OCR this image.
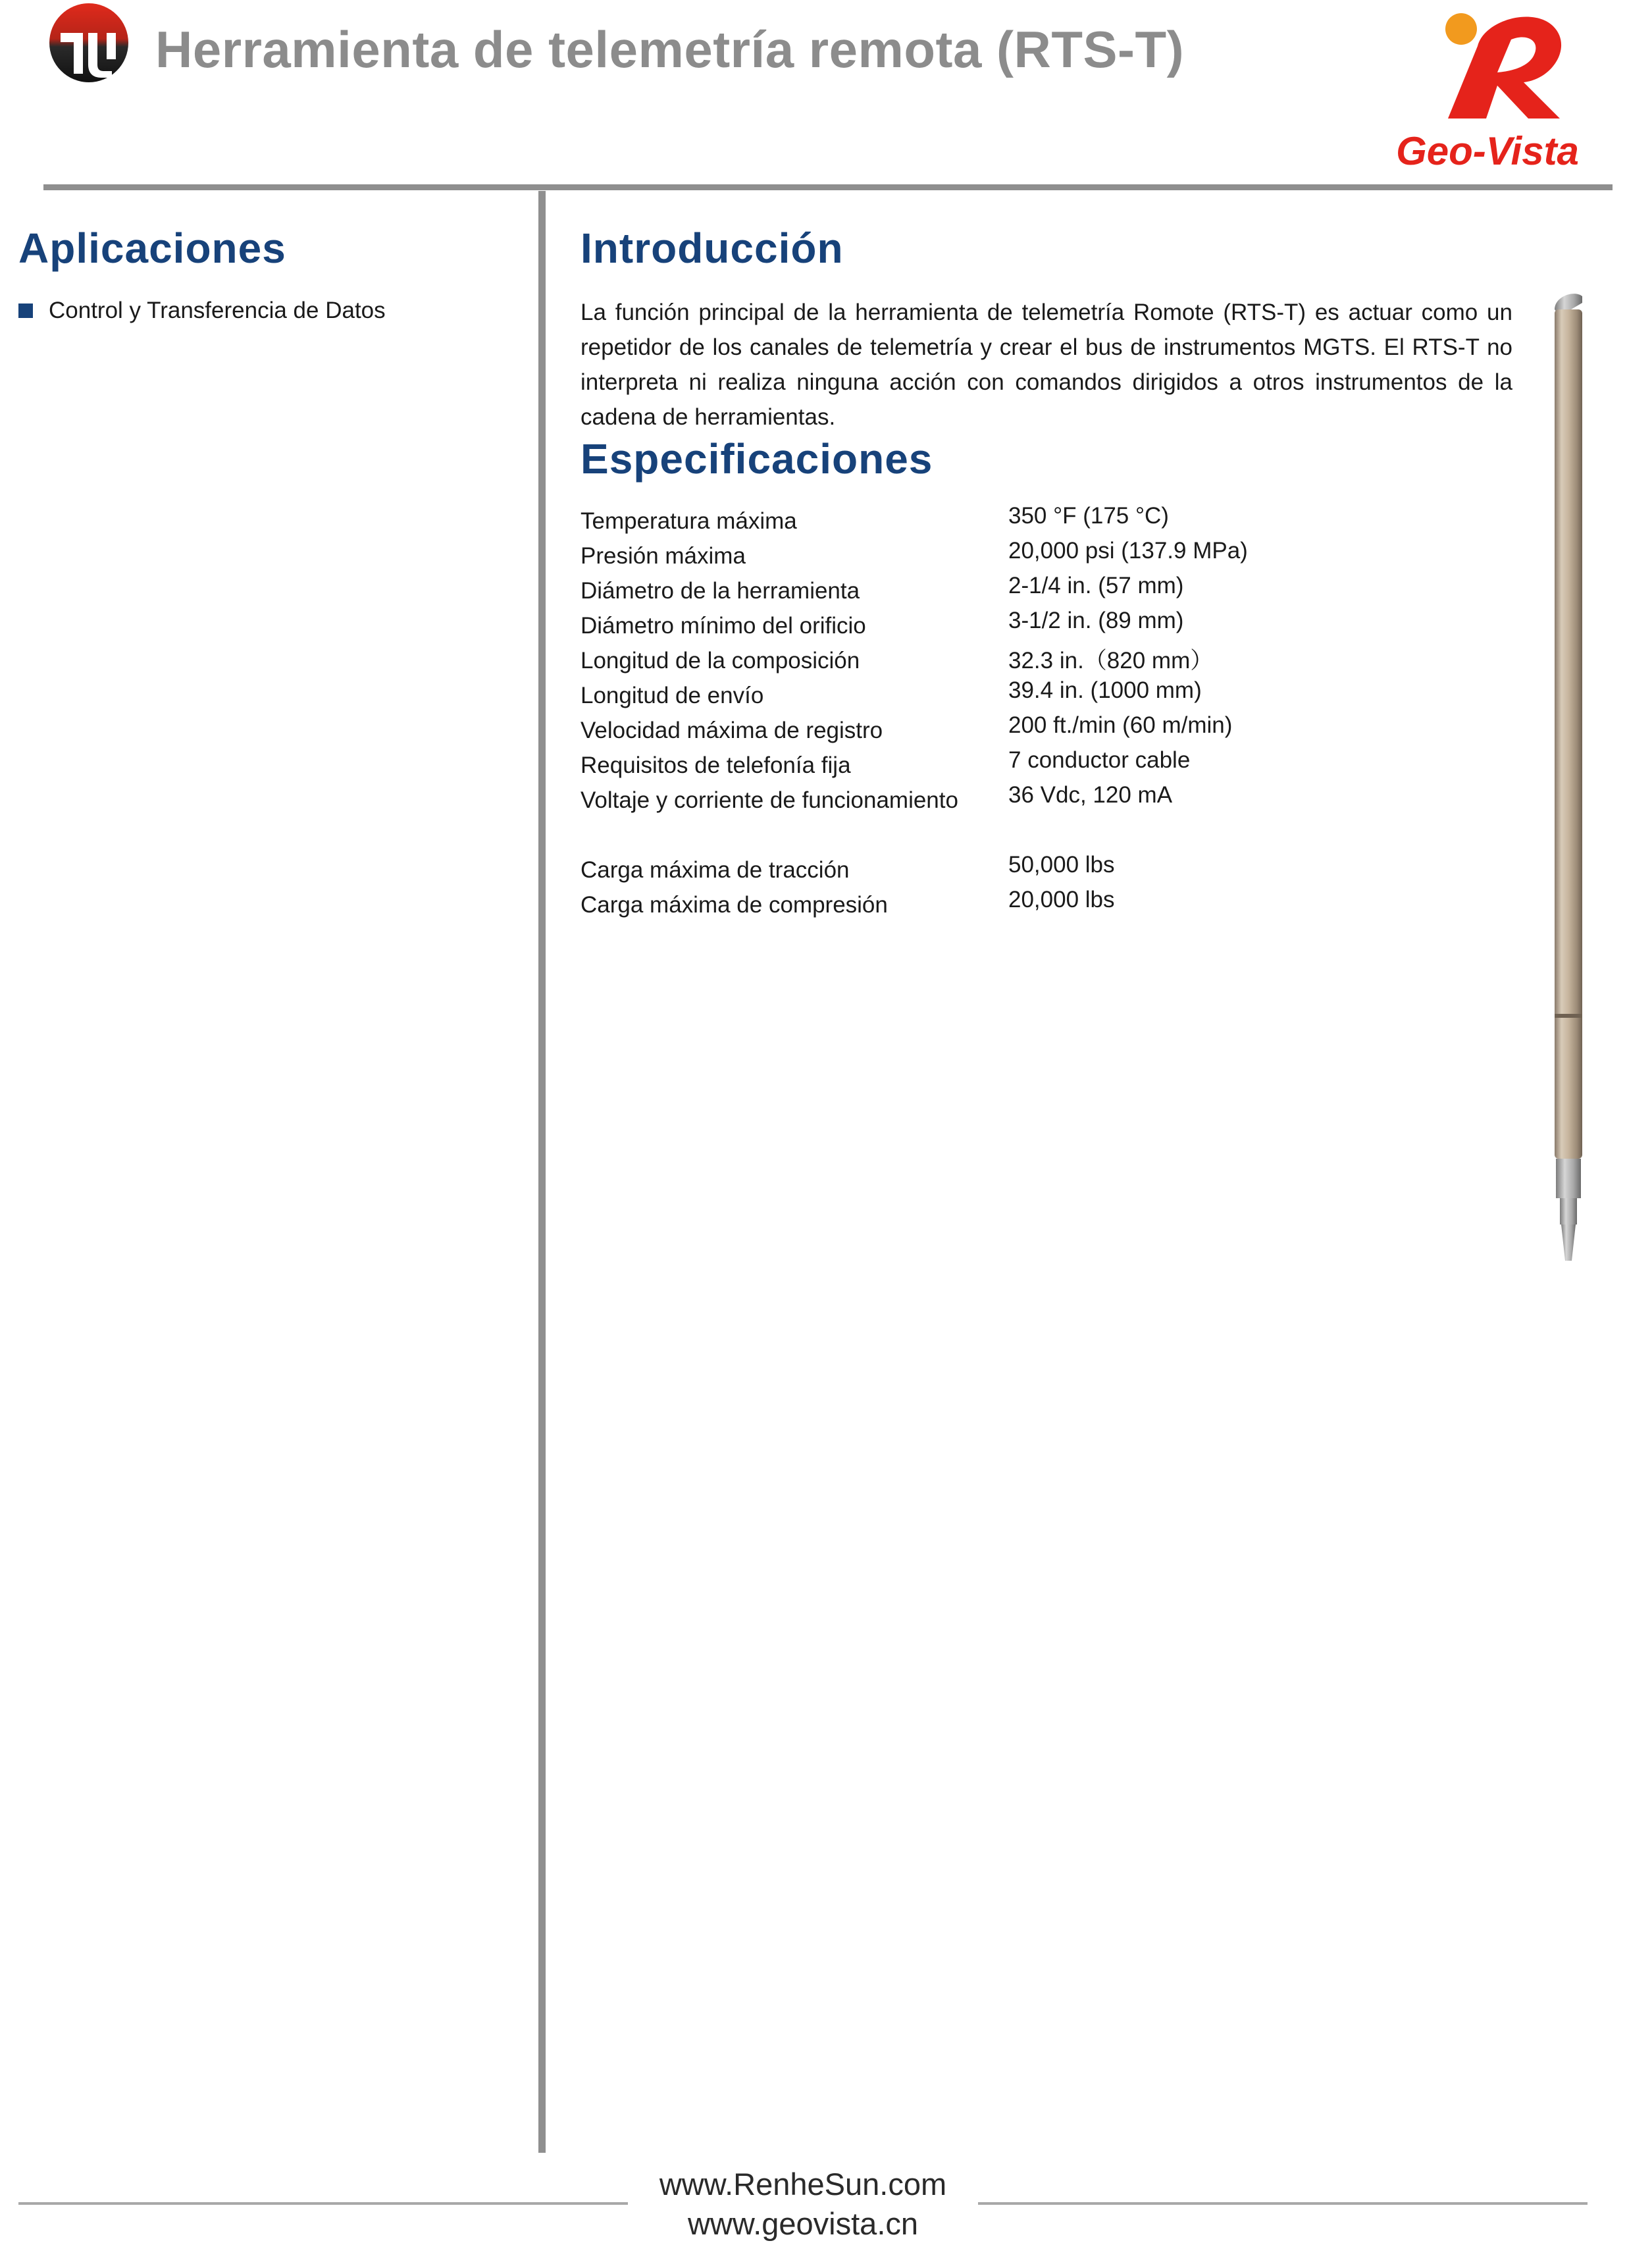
Herramienta de telemetría remota (RTS-T)
Geo-Vista
Aplicaciones
Control y Transferencia de Datos
Introducción
La función principal de la herramienta de telemetría Romote (RTS-T) es actuar como un repetidor de los canales de telemetría y crear el bus de instrumentos MGTS. El RTS-T no interpreta ni realiza ninguna acción con comandos dirigidos a otros instrumentos de la cadena de herramientas.
Especificaciones
Temperatura máxima	350 °F (175 °C)
Presión máxima	20,000 psi (137.9 MPa)
Diámetro de la herramienta	2-1/4 in. (57 mm)
Diámetro mínimo del orificio	3-1/2 in. (89 mm)
Longitud de la composición	32.3 in.（820 mm）
Longitud de envío	39.4 in. (1000 mm)
Velocidad máxima de registro	200 ft./min (60 m/min)
Requisitos de telefonía fija	7 conductor cable
Voltaje y corriente de funcionamiento 36 Vdc, 120 mA
Carga máxima de tracción	50,000 lbs
Carga máxima de compresión	20,000 lbs
www.RenheSun.com
www.geovista.cn
